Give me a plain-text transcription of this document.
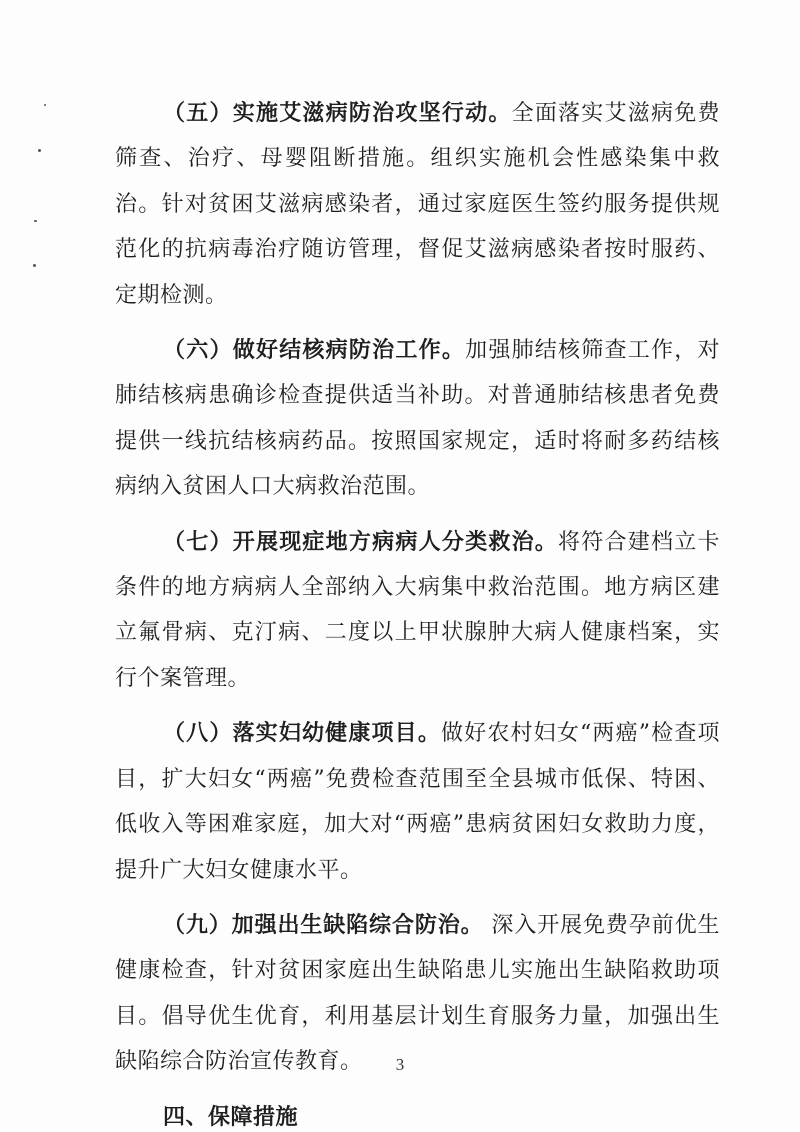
（五）实施艾滋病防治攻坚行动。全面落实艾滋病免费筛查、治疗、母婴阻断措施。组织实施机会性感染集中救治。针对贫困艾滋病感染者，通过家庭医生签约服务提供规范化的抗病毒治疗随访管理，督促艾滋病感染者按时服药、定期检测。

（六）做好结核病防治工作。加强肺结核筛查工作，对肺结核病患确诊检查提供适当补助。对普通肺结核患者免费提供一线抗结核病药品。按照国家规定，适时将耐多药结核病纳入贫困人口大病救治范围。

（七）开展现症地方病病人分类救治。将符合建档立卡条件的地方病病人全部纳入大病集中救治范围。地方病区建立氟骨病、克汀病、二度以上甲状腺肿大病人健康档案，实行个案管理。

（八）落实妇幼健康项目。做好农村妇女“两癌”检查项目，扩大妇女“两癌”免费检查范围至全县城市低保、特困、低收入等困难家庭，加大对“两癌”患病贫困妇女救助力度，提升广大妇女健康水平。

（九）加强出生缺陷综合防治。 深入开展免费孕前优生健康检查，针对贫困家庭出生缺陷患儿实施出生缺陷救助项目。倡导优生优育，利用基层计划生育服务力量，加强出生缺陷综合防治宣传教育。

四、保障措施

3
